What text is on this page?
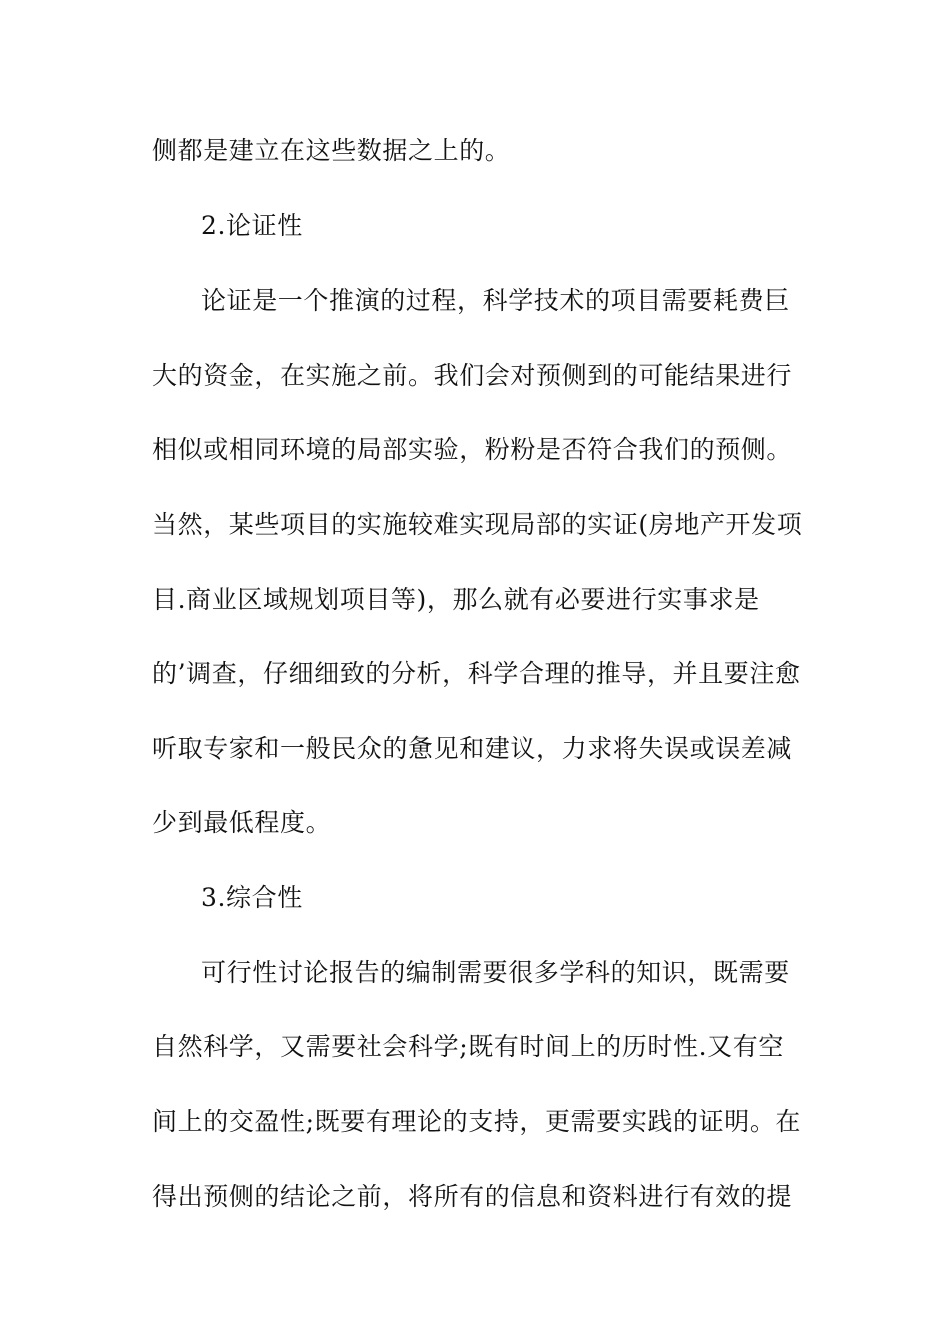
侧都是建立在这些数据之上的。
2.论证性
论证是一个推演的过程，科学技术的项目需要耗费巨
大的资金，在实施之前。我们会对预侧到的可能结果进行
相似或相同环境的局部实验，粉粉是否符合我们的预侧。
当然，某些项目的实施较难实现局部的实证(房地产开发项
目.商业区域规划项目等)，那么就有必要进行实事求是
的’调查，仔细细致的分析，科学合理的推导，并且要注愈
听取专家和一般民众的惫见和建议，力求将失误或误差减
少到最低程度。
3.综合性
可行性讨论报告的编制需要很多学科的知识，既需要
自然科学，又需要社会科学;既有时间上的历时性.又有空
间上的交盈性;既要有理论的支持，更需要实践的证明。在
得出预侧的结论之前，将所有的信息和资料进行有效的提
